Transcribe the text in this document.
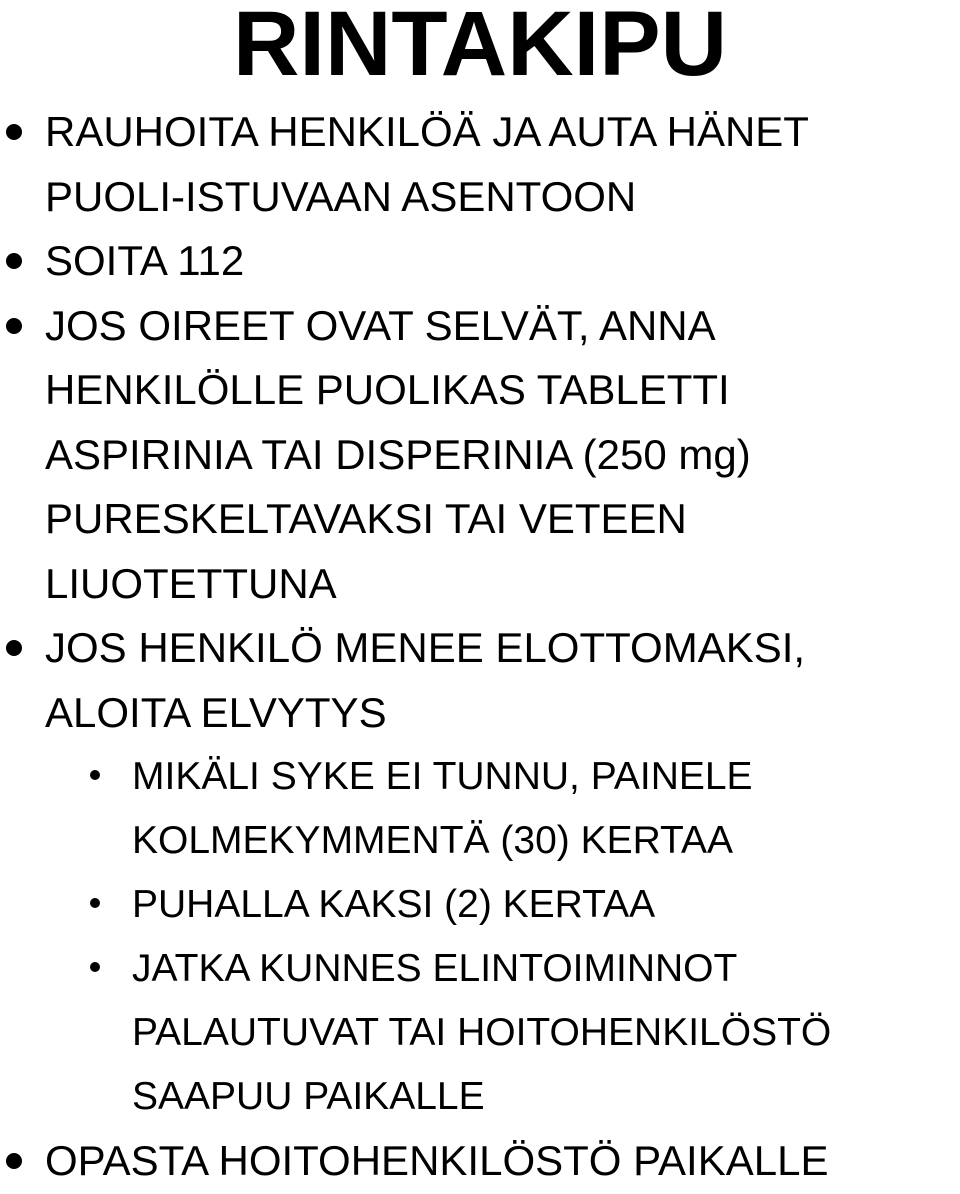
RINTAKIPU
RAUHOITA HENKILÖÄ JA AUTA HÄNET
PUOLI-ISTUVAAN ASENTOON
SOITA 112
JOS OIREET OVAT SELVÄT, ANNA
HENKILÖLLE PUOLIKAS TABLETTI
ASPIRINIA TAI DISPERINIA (250 mg)
PURESKELTAVAKSI TAI VETEEN
LIUOTETTUNA
JOS HENKILÖ MENEE ELOTTOMAKSI,
ALOITA ELVYTYS
MIKÄLI SYKE EI TUNNU, PAINELE
KOLMEKYMMENTÄ (30) KERTAA
PUHALLA KAKSI (2) KERTAA
JATKA KUNNES ELINTOIMINNOT
PALAUTUVAT TAI HOITOHENKILÖSTÖ
SAAPUU PAIKALLE
OPASTA HOITOHENKILÖSTÖ PAIKALLE
